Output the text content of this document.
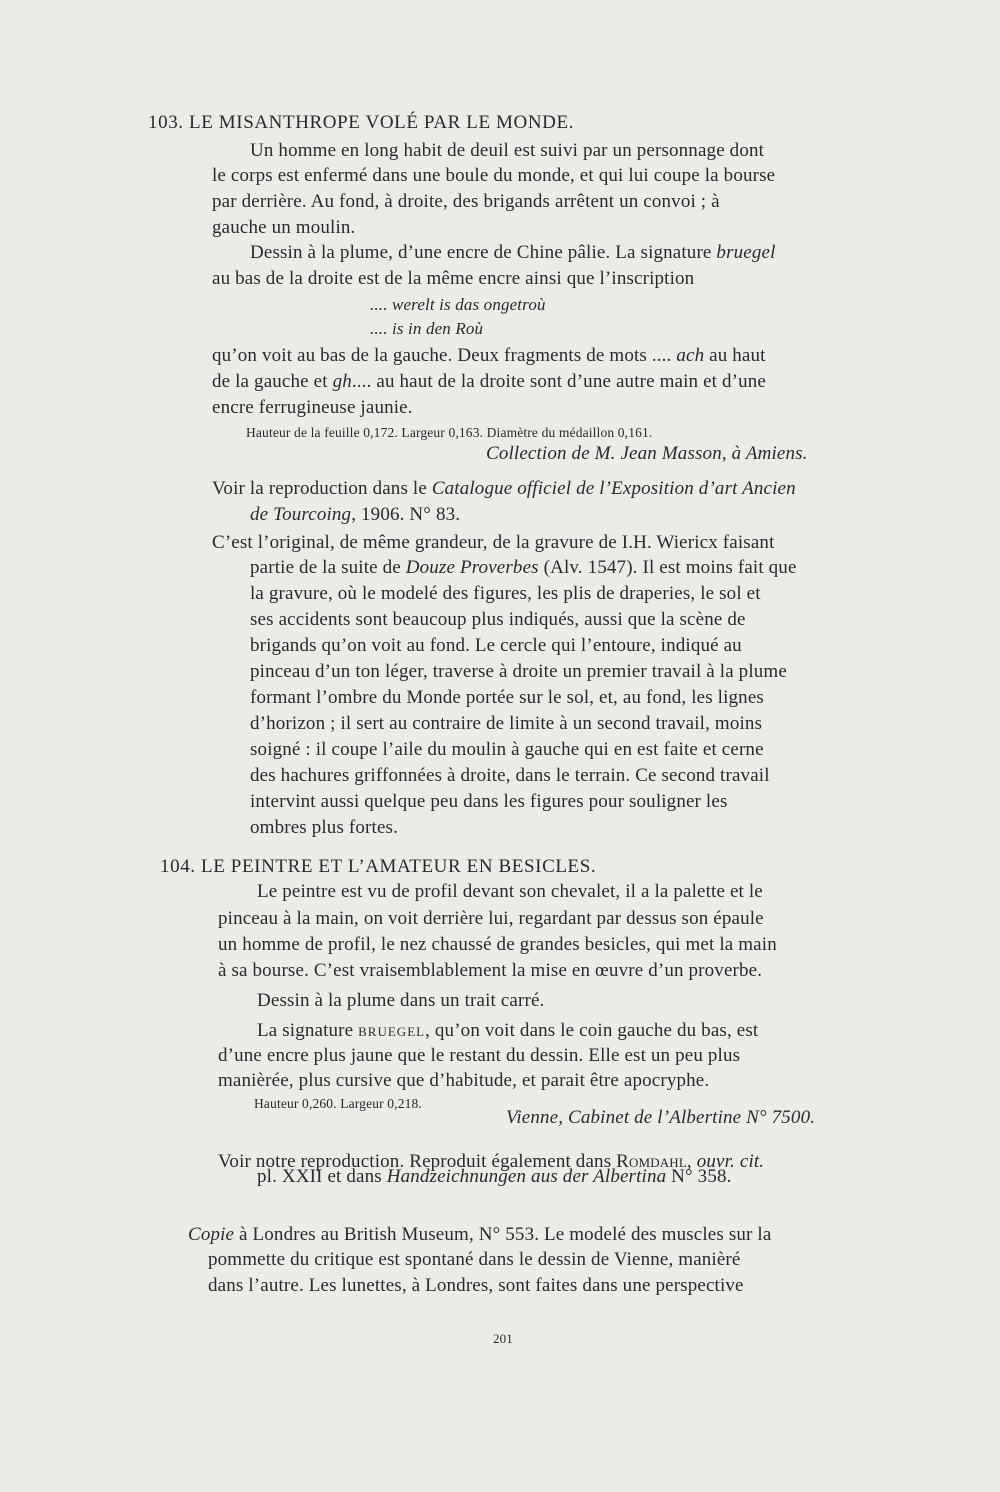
103. LE MISANTHROPE VOLÉ PAR LE MONDE.
Un homme en long habit de deuil est suivi par un personnage dont
le corps est enfermé dans une boule du monde, et qui lui coupe la bourse
par derrière. Au fond, à droite, des brigands arrêtent un convoi ; à
gauche un moulin.
Dessin à la plume, d’une encre de Chine pâlie. La signature bruegel
au bas de la droite est de la même encre ainsi que l’inscription
.... werelt is das ongetroù
.... is in den Roù
qu’on voit au bas de la gauche. Deux fragments de mots .... ach au haut
de la gauche et gh.... au haut de la droite sont d’une autre main et d’une
encre ferrugineuse jaunie.
Hauteur de la feuille 0,172. Largeur 0,163. Diamètre du médaillon 0,161.
Collection de M. Jean Masson, à Amiens.
Voir la reproduction dans le Catalogue officiel de l’Exposition d’art Ancien
de Tourcoing, 1906. N° 83.
C’est l’original, de même grandeur, de la gravure de I.H. Wiericx faisant
partie de la suite de Douze Proverbes (Alv. 1547). Il est moins fait que
la gravure, où le modelé des figures, les plis de draperies, le sol et
ses accidents sont beaucoup plus indiqués, aussi que la scène de
brigands qu’on voit au fond. Le cercle qui l’entoure, indiqué au
pinceau d’un ton léger, traverse à droite un premier travail à la plume
formant l’ombre du Monde portée sur le sol, et, au fond, les lignes
d’horizon ; il sert au contraire de limite à un second travail, moins
soigné : il coupe l’aile du moulin à gauche qui en est faite et cerne
des hachures griffonnées à droite, dans le terrain. Ce second travail
intervint aussi quelque peu dans les figures pour souligner les
ombres plus fortes.
104. LE PEINTRE ET L’AMATEUR EN BESICLES.
Le peintre est vu de profil devant son chevalet, il a la palette et le
pinceau à la main, on voit derrière lui, regardant par dessus son épaule
un homme de profil, le nez chaussé de grandes besicles, qui met la main
à sa bourse. C’est vraisemblablement la mise en œuvre d’un proverbe.
Dessin à la plume dans un trait carré.
La signature bruegel, qu’on voit dans le coin gauche du bas, est
d’une encre plus jaune que le restant du dessin. Elle est un peu plus
manièrée, plus cursive que d’habitude, et parait être apocryphe.
Hauteur 0,260. Largeur 0,218.
Vienne, Cabinet de l’Albertine N° 7500.
Voir notre reproduction. Reproduit également dans Romdahl, ouvr. cit.
pl. XXII et dans Handzeichnungen aus der Albertina N° 358.
Copie à Londres au British Museum, N° 553. Le modelé des muscles sur la
pommette du critique est spontané dans le dessin de Vienne, manièré
dans l’autre. Les lunettes, à Londres, sont faites dans une perspective
201
